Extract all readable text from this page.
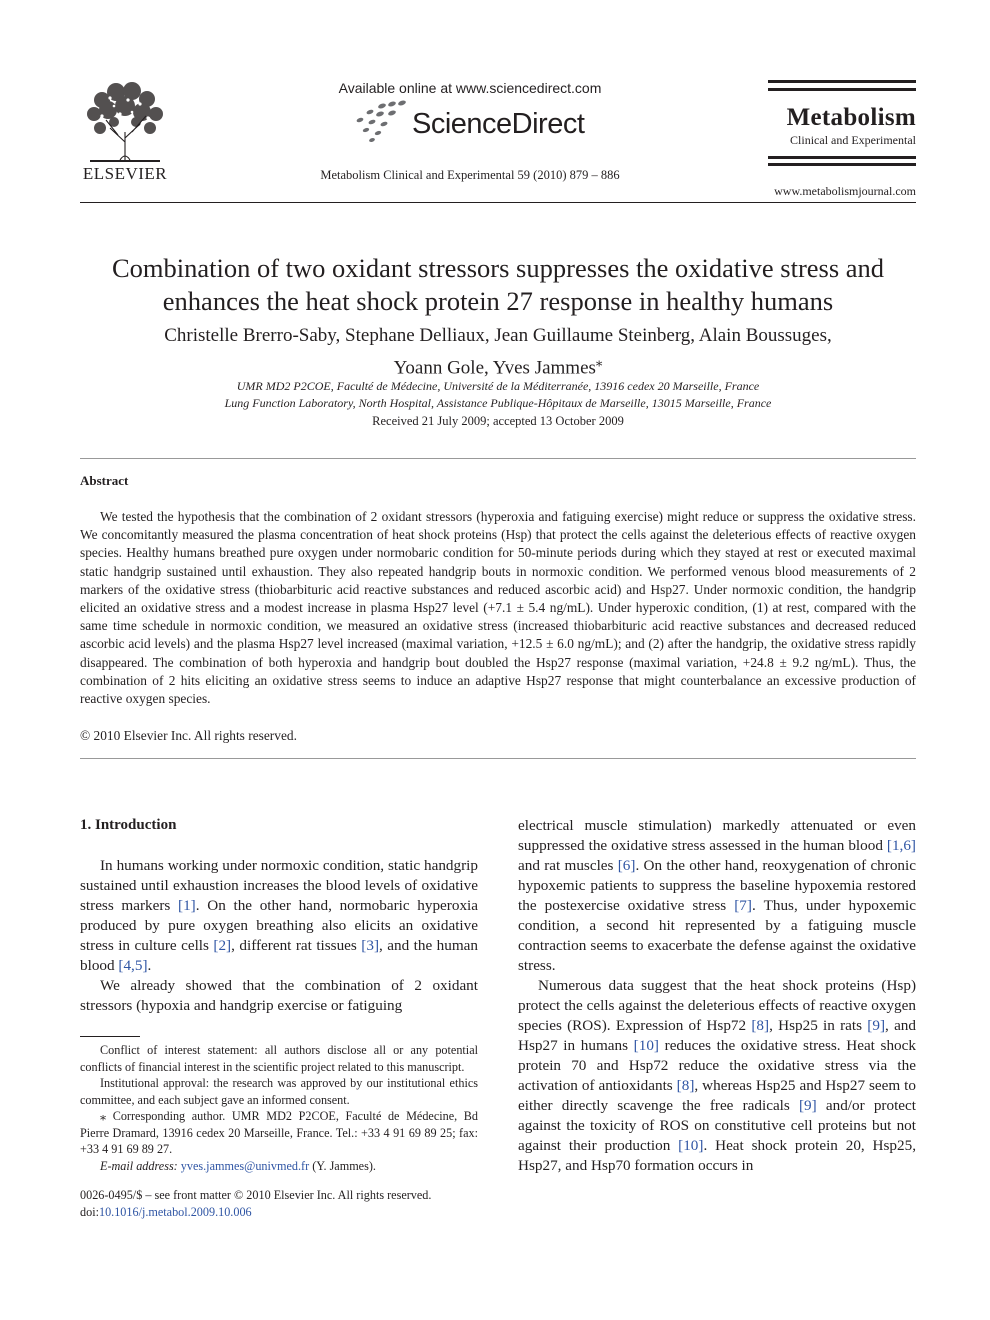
ELSEVIER
Available online at www.sciencedirect.com
ScienceDirect
Metabolism Clinical and Experimental 59 (2010) 879 – 886
Metabolism
Clinical and Experimental
www.metabolismjournal.com
Combination of two oxidant stressors suppresses the oxidative stress and
enhances the heat shock protein 27 response in healthy humans
Christelle Brerro-Saby, Stephane Delliaux, Jean Guillaume Steinberg, Alain Boussuges,
Yoann Gole, Yves Jammes⁎
UMR MD2 P2COE, Faculté de Médecine, Université de la Méditerranée, 13916 cedex 20 Marseille, France
Lung Function Laboratory, North Hospital, Assistance Publique-Hôpitaux de Marseille, 13015 Marseille, France
Received 21 July 2009; accepted 13 October 2009
Abstract
We tested the hypothesis that the combination of 2 oxidant stressors (hyperoxia and fatiguing exercise) might reduce or suppress the oxidative stress. We concomitantly measured the plasma concentration of heat shock proteins (Hsp) that protect the cells against the deleterious effects of reactive oxygen species. Healthy humans breathed pure oxygen under normobaric condition for 50-minute periods during which they stayed at rest or executed maximal static handgrip sustained until exhaustion. They also repeated handgrip bouts in normoxic condition. We performed venous blood measurements of 2 markers of the oxidative stress (thiobarbituric acid reactive substances and reduced ascorbic acid) and Hsp27. Under normoxic condition, the handgrip elicited an oxidative stress and a modest increase in plasma Hsp27 level (+7.1 ± 5.4 ng/mL). Under hyperoxic condition, (1) at rest, compared with the same time schedule in normoxic condition, we measured an oxidative stress (increased thiobarbituric acid reactive substances and decreased reduced ascorbic acid levels) and the plasma Hsp27 level increased (maximal variation, +12.5 ± 6.0 ng/mL); and (2) after the handgrip, the oxidative stress rapidly disappeared. The combination of both hyperoxia and handgrip bout doubled the Hsp27 response (maximal variation, +24.8 ± 9.2 ng/mL). Thus, the combination of 2 hits eliciting an oxidative stress seems to induce an adaptive Hsp27 response that might counterbalance an excessive production of reactive oxygen species.
© 2010 Elsevier Inc. All rights reserved.
1. Introduction

In humans working under normoxic condition, static handgrip sustained until exhaustion increases the blood levels of oxidative stress markers [1]. On the other hand, normobaric hyperoxia produced by pure oxygen breathing also elicits an oxidative stress in culture cells [2], different rat tissues [3], and the human blood [4,5].

We already showed that the combination of 2 oxidant stressors (hypoxia and handgrip exercise or fatiguing

electrical muscle stimulation) markedly attenuated or even suppressed the oxidative stress assessed in the human blood [1,6] and rat muscles [6]. On the other hand, reoxygenation of chronic hypoxemic patients to suppress the baseline hypoxemia restored the postexercise oxidative stress [7]. Thus, under hypoxemic condition, a second hit represented by a fatiguing muscle contraction seems to exacerbate the defense against the oxidative stress.

Numerous data suggest that the heat shock proteins (Hsp) protect the cells against the deleterious effects of reactive oxygen species (ROS). Expression of Hsp72 [8], Hsp25 in rats [9], and Hsp27 in humans [10] reduces the oxidative stress. Heat shock protein 70 and Hsp72 reduce the oxidative stress via the activation of antioxidants [8], whereas Hsp25 and Hsp27 seem to either directly scavenge the free radicals [9] and/or protect against the toxicity of ROS on constitutive cell proteins but not against their production [10]. Heat shock protein 20, Hsp25, Hsp27, and Hsp70 formation occurs in

Conflict of interest statement: all authors disclose all or any potential conflicts of financial interest in the scientific project related to this manuscript.

Institutional approval: the research was approved by our institutional ethics committee, and each subject gave an informed consent.

⁎ Corresponding author. UMR MD2 P2COE, Faculté de Médecine, Bd Pierre Dramard, 13916 cedex 20 Marseille, France. Tel.: +33 4 91 69 89 25; fax: +33 4 91 69 89 27.

E-mail address: yves.jammes@univmed.fr (Y. Jammes).

0026-0495/$ – see front matter © 2010 Elsevier Inc. All rights reserved.
doi:10.1016/j.metabol.2009.10.006
